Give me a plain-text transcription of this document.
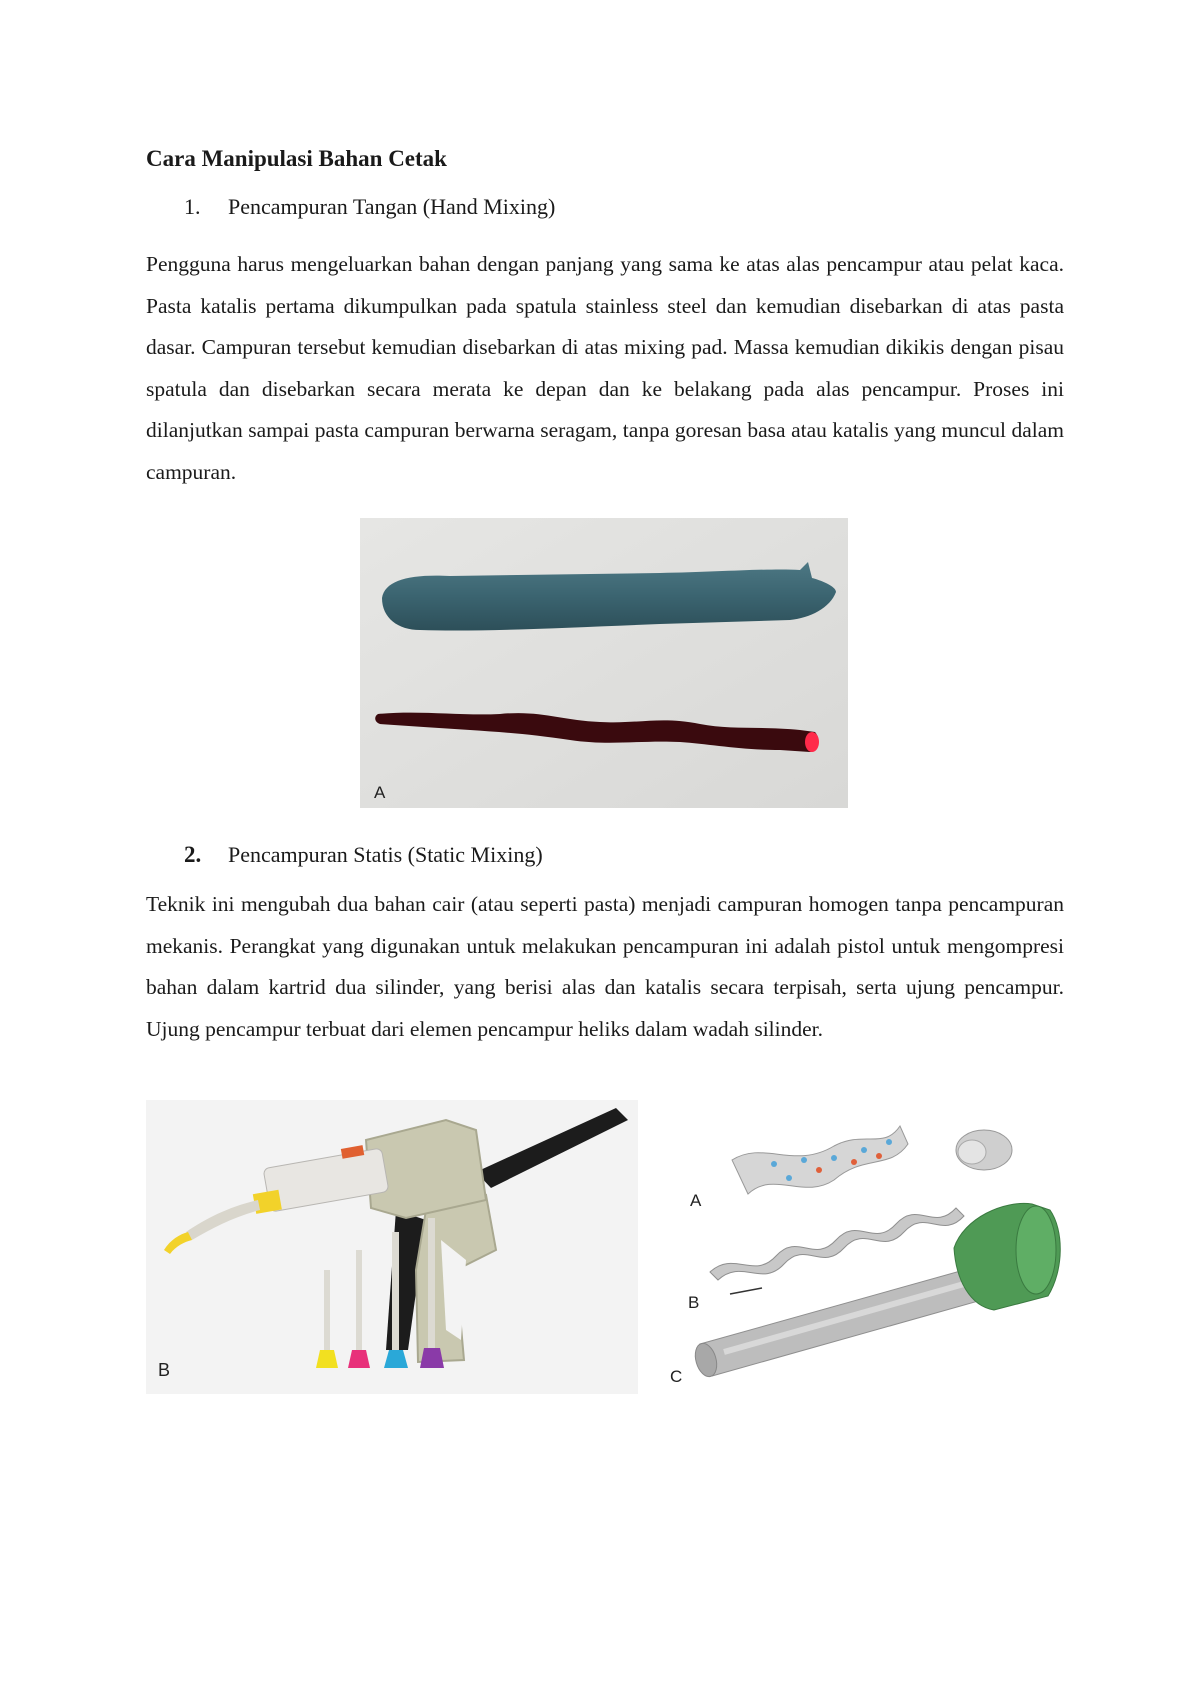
Cara Manipulasi Bahan Cetak
1. Pencampuran Tangan (Hand Mixing)

Pengguna harus mengeluarkan bahan dengan panjang yang sama ke atas alas pencampur atau pelat kaca. Pasta katalis pertama dikumpulkan pada spatula stainless steel dan kemudian disebarkan di atas pasta dasar. Campuran tersebut kemudian disebarkan di atas mixing pad. Massa kemudian dikikis dengan pisau spatula dan disebarkan secara merata ke depan dan ke belakang pada alas pencampur. Proses ini dilanjutkan sampai pasta campuran berwarna seragam, tanpa goresan basa atau katalis yang muncul dalam campuran.

A
2. Pencampuran Statis (Static Mixing)

Teknik ini mengubah dua bahan cair (atau seperti pasta) menjadi campuran homogen tanpa pencampuran mekanis. Perangkat yang digunakan untuk melakukan pencampuran ini adalah pistol untuk mengompresi bahan dalam kartrid dua silinder, yang berisi alas dan katalis secara terpisah, serta ujung pencampur. Ujung pencampur terbuat dari elemen pencampur heliks dalam wadah silinder.

B
A
B
C
